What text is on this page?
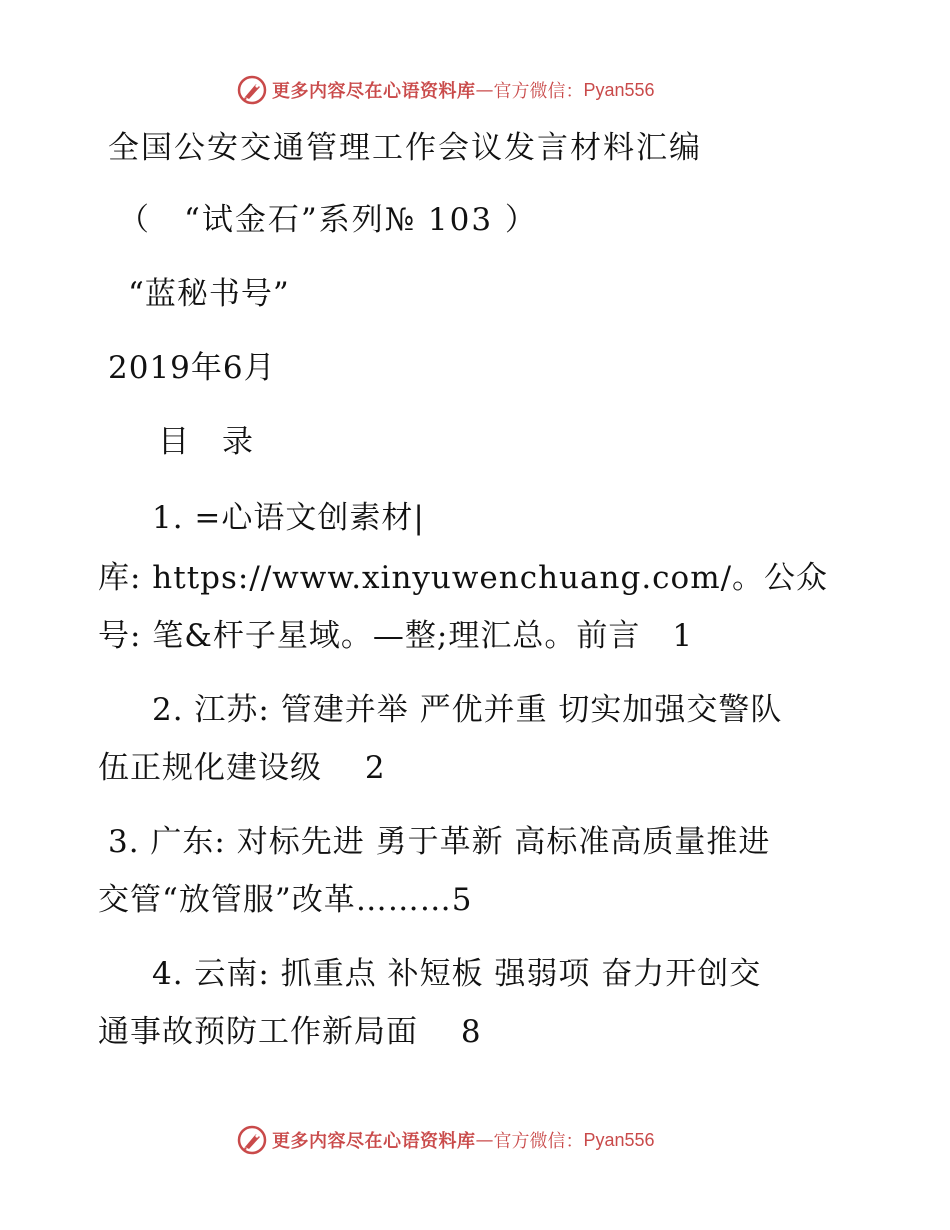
更多内容尽在心语资料库 — 官方微信： Pyan556
全国公安交通管理工作会议发言材料汇编
（　“试金石”系列№ 103 ）
“蓝秘书号”
2019年6月
目　录
1. =心语文创素材|
库: https://www.xinyuwenchuang.com/。公众
号: 笔&杆子星域。—整;理汇总。前言　1
2. 江苏: 管建并举 严优并重 切实加强交警队
伍正规化建设级　 2
3. 广东: 对标先进 勇于革新 高标准高质量推进
交管“放管服”改革………5
4. 云南: 抓重点 补短板 强弱项 奋力开创交
通事故预防工作新局面　 8
更多内容尽在心语资料库 — 官方微信： Pyan556
